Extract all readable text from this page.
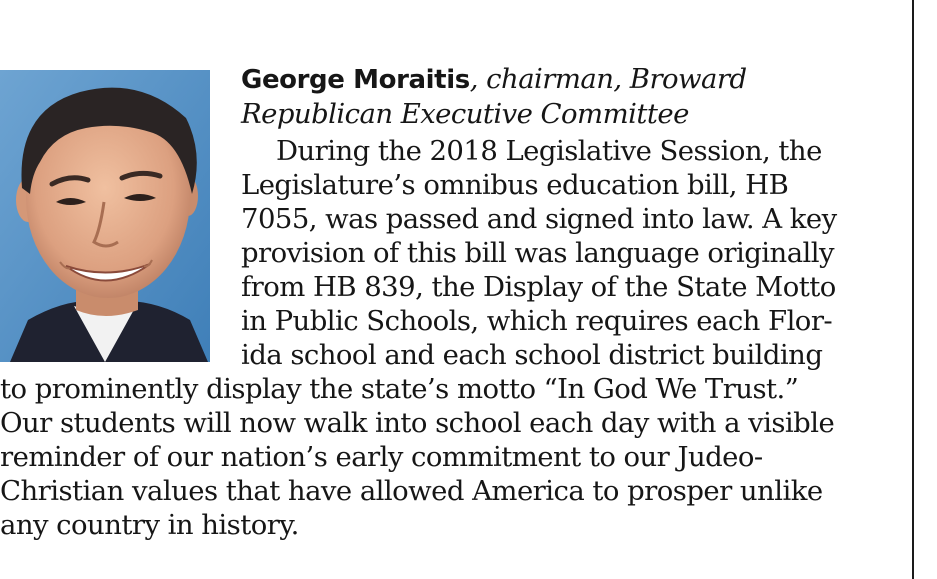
George Moraitis, chairman, Broward

Republican Executive Committee

During the 2018 Legislative Session, the

Legislature’s omnibus education bill, HB

7055, was passed and signed into law. A key

provision of this bill was language originally

from HB 839, the Display of the State Motto

in Public Schools, which requires each Flor-

ida school and each school district building

to prominently display the state’s motto “In God We Trust.”

Our students will now walk into school each day with a visible

reminder of our nation’s early commitment to our Judeo-

Christian values that have allowed America to prosper unlike

any country in history.
